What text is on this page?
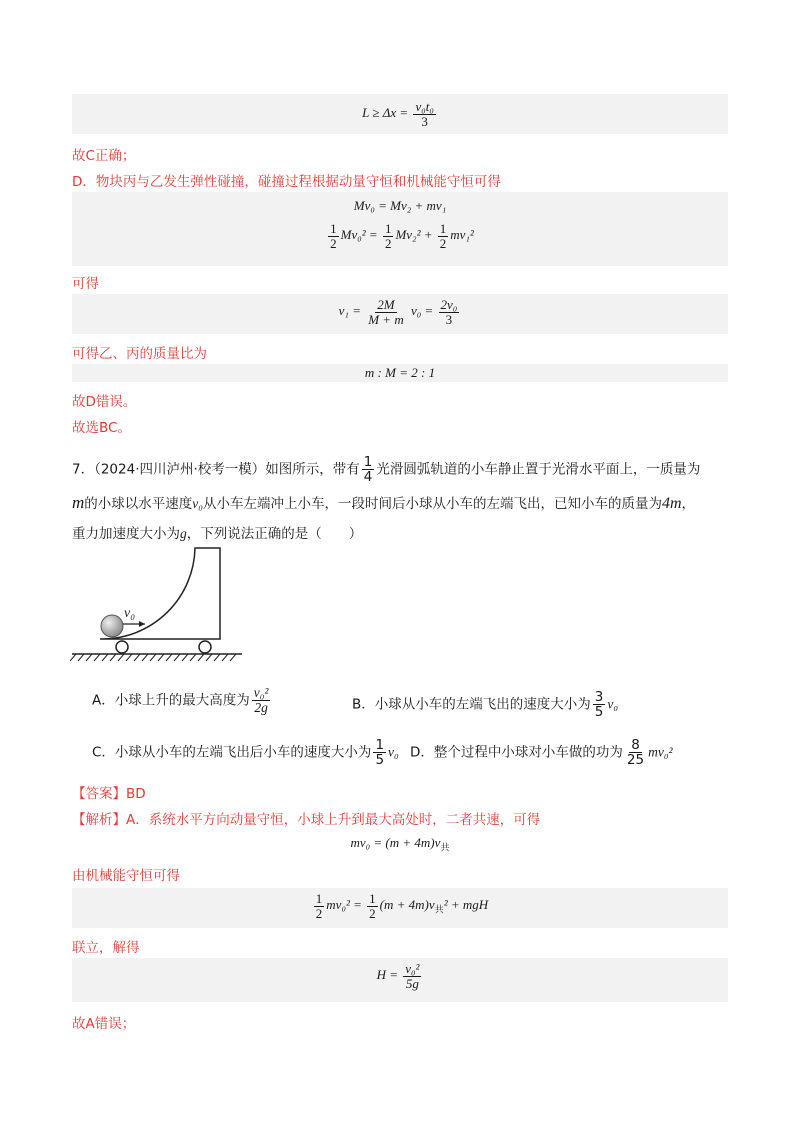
$L \ge \Delta x = \frac{\text{v₀t₀}}{3}$
故C正确；
D．物块丙与乙发生弹性碰撞，碰撞过程根据动量守恒和机械能守恒可得
Mv₀ = Mv₂ + mv₁
$\frac{1}{2} Mv_0^2 = \frac{1}{2} Mv_2^2 + \frac{1}{2} mv_1^2$
可得
$v_1 = \frac{2M}{M + m} v_0 = \frac{\text{2v₀}}{3}$
可得乙、丙的质量比为
m : M = 2 : 1
故D错误。
故选BC。
7．（2024·四川泸州·校考一模）如图所示，带有 $\frac{1}{4}$ 光滑圆弧轨道的小车静止置于光滑水平面上，一质量为
m的小球以水平速度v₀从小车左端冲上小车，一段时间后小球从小车的左端飞出，已知小车的质量为4m，
重力加速度大小为g，下列说法正确的是（　　）
v₀
A．小球上升的最大高度为 $\frac{\text{v₀²}}{2g}$	B．小球从小车的左端飞出的速度大小为 $\frac{3}{5} v_0$
C．小球从小车的左端飞出后小车的速度大小为 $\frac{1}{5} v_0$ D．整个过程中小球对小车做的功为 $\frac{8}{25} mv_0^2$
【答案】BD
【解析】A．系统水平方向动量守恒，小球上升到最大高处时，二者共速，可得
$mv_0 = (m + 4m)v_共$
由机械能守恒可得
$\frac{1}{2} mv_0^2 = \frac{1}{2} (m + 4m)v_共^2$ + mgH
联立，解得
$H = \frac{\text{v₀²}}{5g}$
故A错误；
